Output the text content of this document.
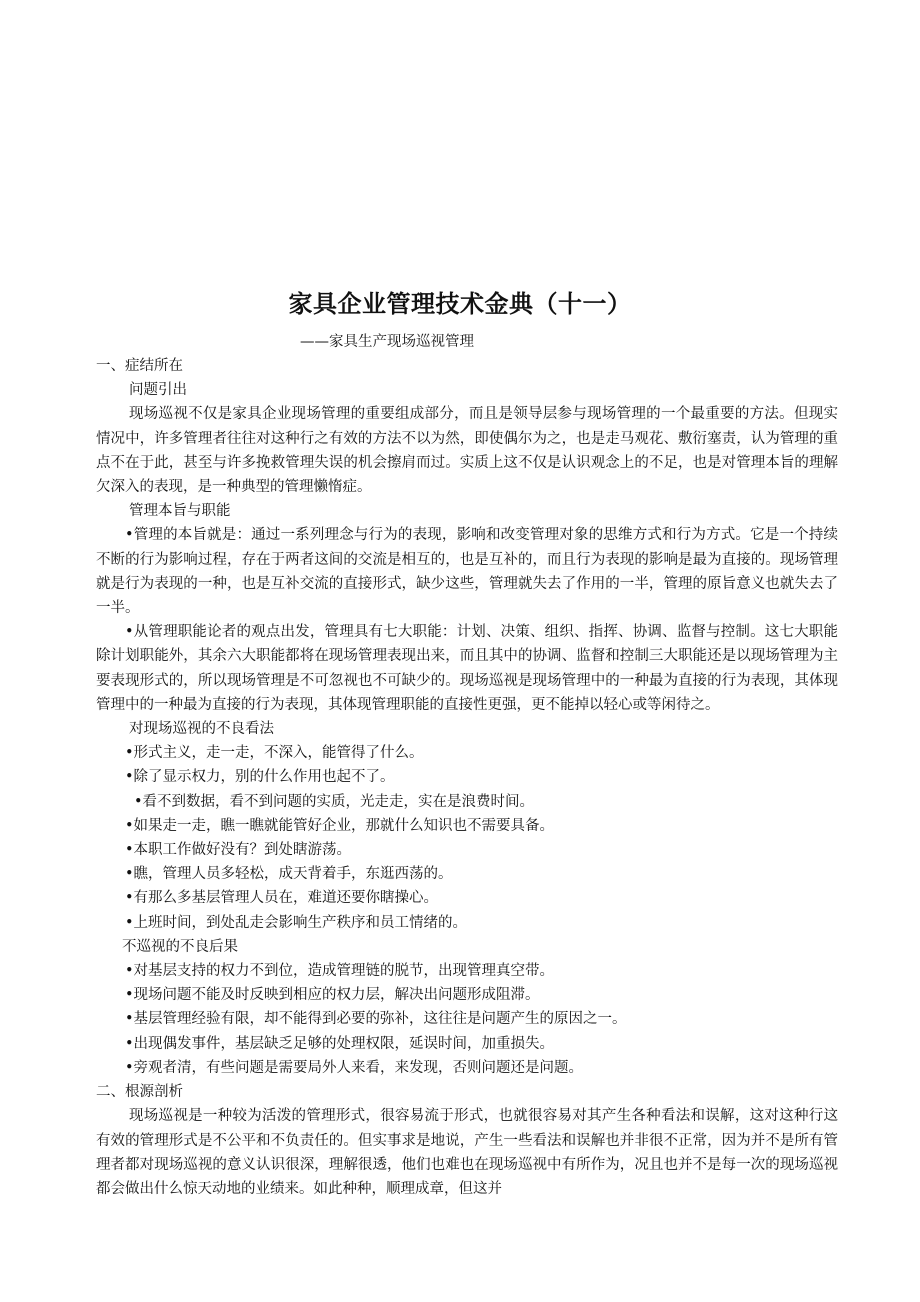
家具企业管理技术金典（十一）
——家具生产现场巡视管理

一、症结所在

问题引出

现场巡视不仅是家具企业现场管理的重要组成部分，而且是领导层参与现场管理的一个最重要的方法。但现实情况中，许多管理者往往对这种行之有效的方法不以为然，即使偶尔为之，也是走马观花、敷衍塞责，认为管理的重点不在于此，甚至与许多挽救管理失误的机会擦肩而过。实质上这不仅是认识观念上的不足，也是对管理本旨的理解欠深入的表现，是一种典型的管理懒惰症。

管理本旨与职能

•管理的本旨就是：通过一系列理念与行为的表现，影响和改变管理对象的思维方式和行为方式。它是一个持续不断的行为影响过程，存在于两者这间的交流是相互的，也是互补的，而且行为表现的影响是最为直接的。现场管理就是行为表现的一种，也是互补交流的直接形式，缺少这些，管理就失去了作用的一半，管理的原旨意义也就失去了一半。

•从管理职能论者的观点出发，管理具有七大职能：计划、决策、组织、指挥、协调、监督与控制。这七大职能除计划职能外，其余六大职能都将在现场管理表现出来，而且其中的协调、监督和控制三大职能还是以现场管理为主要表现形式的，所以现场管理是不可忽视也不可缺少的。现场巡视是现场管理中的一种最为直接的行为表现，其体现管理中的一种最为直接的行为表现，其体现管理职能的直接性更强，更不能掉以轻心或等闲待之。

对现场巡视的不良看法

•形式主义，走一走，不深入，能管得了什么。

•除了显示权力，别的什么作用也起不了。

•看不到数据，看不到问题的实质，光走走，实在是浪费时间。

•如果走一走，瞧一瞧就能管好企业，那就什么知识也不需要具备。

•本职工作做好没有？到处瞎游荡。

•瞧，管理人员多轻松，成天背着手，东逛西荡的。

•有那么多基层管理人员在，难道还要你瞎操心。

•上班时间，到处乱走会影响生产秩序和员工情绪的。

不巡视的不良后果

•对基层支持的权力不到位，造成管理链的脱节，出现管理真空带。

•现场问题不能及时反映到相应的权力层，解决出问题形成阻滞。

•基层管理经验有限，却不能得到必要的弥补，这往往是问题产生的原因之一。

•出现偶发事件，基层缺乏足够的处理权限，延误时间，加重损失。

•旁观者清，有些问题是需要局外人来看，来发现，否则问题还是问题。

二、根源剖析

现场巡视是一种较为活泼的管理形式，很容易流于形式，也就很容易对其产生各种看法和误解，这对这种行这有效的管理形式是不公平和不负责任的。但实事求是地说，产生一些看法和误解也并非很不正常，因为并不是所有管理者都对现场巡视的意义认识很深，理解很透，他们也难也在现场巡视中有所作为，况且也并不是每一次的现场巡视都会做出什么惊天动地的业绩来。如此种种，顺理成章，但这并
